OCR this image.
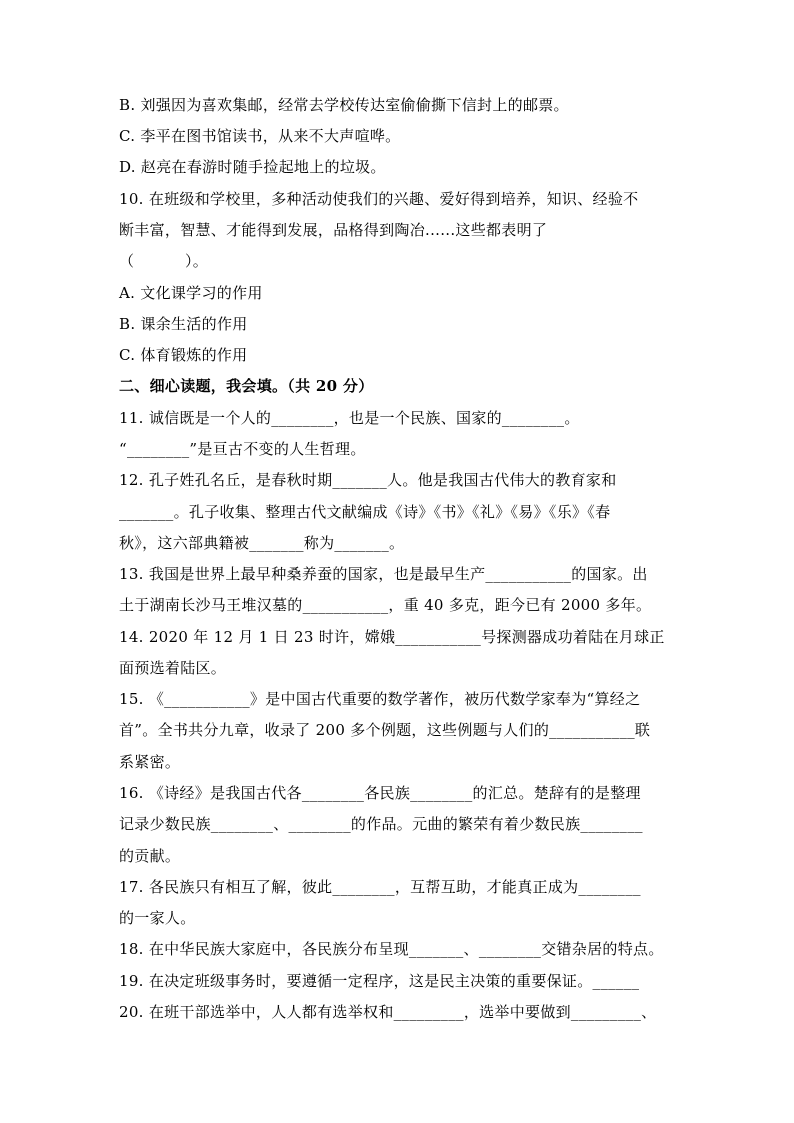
B. 刘强因为喜欢集邮，经常去学校传达室偷偷撕下信封上的邮票。
C. 李平在图书馆读书，从来不大声喧哗。
D. 赵亮在春游时随手捡起地上的垃圾。
10. 在班级和学校里，多种活动使我们的兴趣、爱好得到培养，知识、经验不
断丰富，智慧、才能得到发展，品格得到陶冶......这些都表明了
（          ）。
A. 文化课学习的作用
B. 课余生活的作用
C. 体育锻炼的作用
二、细心读题，我会填。（共 20 分）
11. 诚信既是一个人的________，也是一个民族、国家的________。
“________”是亘古不变的人生哲理。
12. 孔子姓孔名丘，是春秋时期_______人。他是我国古代伟大的教育家和
_______。孔子收集、整理古代文献编成《诗》《书》《礼》《易》《乐》《春
秋》，这六部典籍被_______称为_______。
13. 我国是世界上最早种桑养蚕的国家，也是最早生产___________的国家。出
土于湖南长沙马王堆汉墓的___________，重 40 多克，距今已有 2000 多年。
14. 2020 年 12 月 1 日 23 时许，嫦娥___________号探测器成功着陆在月球正
面预选着陆区。
15. 《___________》是中国古代重要的数学著作，被历代数学家奉为“算经之
首”。全书共分九章，收录了 200 多个例题，这些例题与人们的___________联
系紧密。
16. 《诗经》是我国古代各________各民族________的汇总。楚辞有的是整理
记录少数民族________、________的作品。元曲的繁荣有着少数民族________
的贡献。
17. 各民族只有相互了解，彼此________，互帮互助，才能真正成为________
的一家人。
18. 在中华民族大家庭中，各民族分布呈现_______、________交错杂居的特点。
19. 在决定班级事务时，要遵循一定程序，这是民主决策的重要保证。______
20. 在班干部选举中，人人都有选举权和_________，选举中要做到_________、
